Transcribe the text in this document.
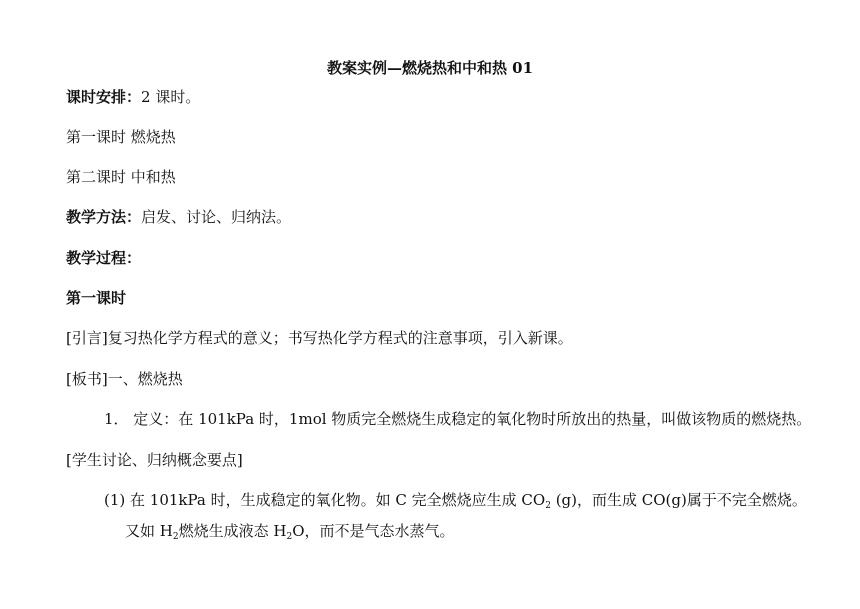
教案实例—燃烧热和中和热 01
课时安排：2 课时。
第一课时 燃烧热
第二课时 中和热
教学方法：启发、讨论、归纳法。
教学过程：
第一课时
[引言]复习热化学方程式的意义；书写热化学方程式的注意事项，引入新课。
[板书]一、燃烧热
1． 定义：在 101kPa 时，1mol 物质完全燃烧生成稳定的氧化物时所放出的热量，叫做该物质的燃烧热。
[学生讨论、归纳概念要点]
(1) 在 101kPa 时，生成稳定的氧化物。如 C 完全燃烧应生成 $CO_2$ (g)，而生成 CO(g)属于不完全燃烧。
又如 $H_2$燃烧生成液态 $H_2O$，而不是气态水蒸气。
